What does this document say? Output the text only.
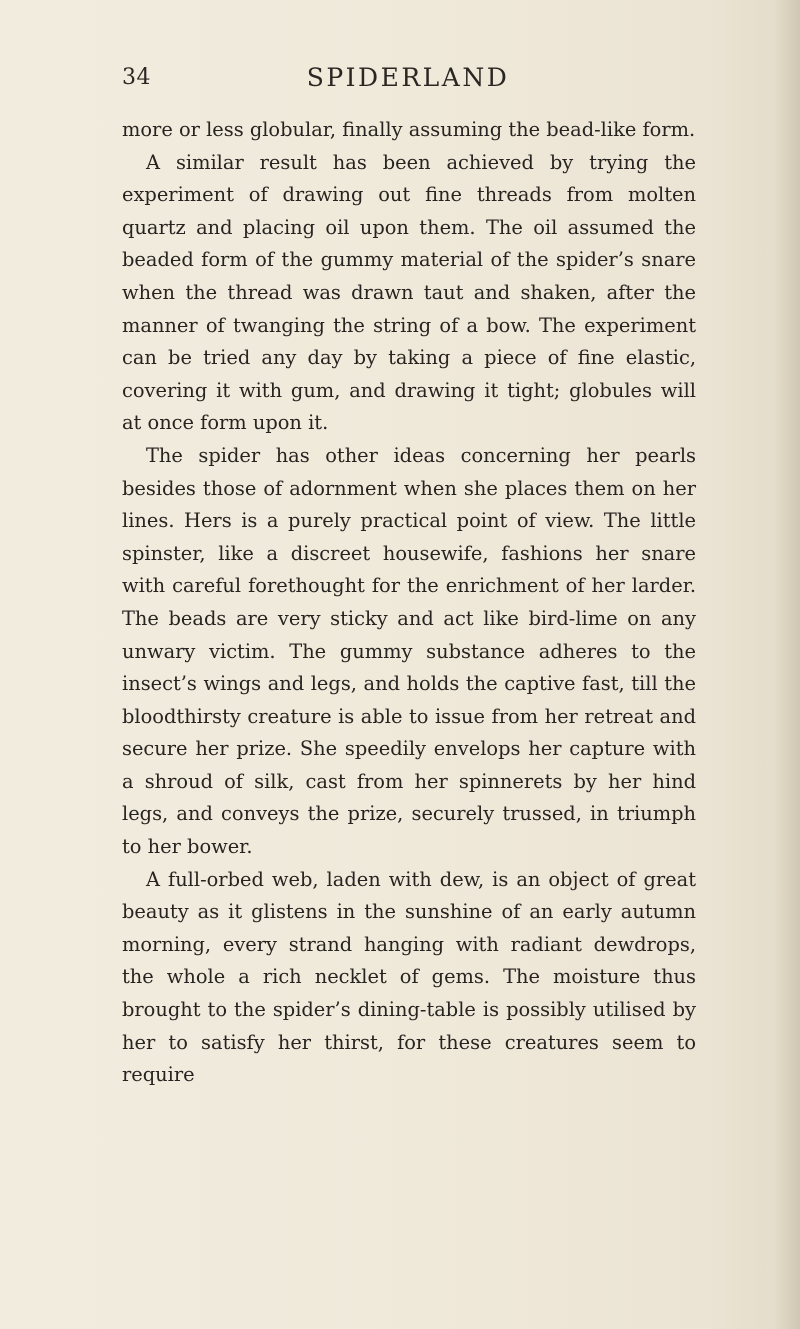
34	SPIDERLAND

more or less globular, finally assuming the bead-like form.

A similar result has been achieved by trying the experiment of drawing out fine threads from molten quartz and placing oil upon them. The oil assumed the beaded form of the gummy material of the spider’s snare when the thread was drawn taut and shaken, after the manner of twanging the string of a bow. The experiment can be tried any day by taking a piece of fine elastic, covering it with gum, and drawing it tight; globules will at once form upon it.

The spider has other ideas concerning her pearls besides those of adornment when she places them on her lines. Hers is a purely practical point of view. The little spinster, like a discreet housewife, fashions her snare with careful forethought for the enrichment of her larder. The beads are very sticky and act like bird-lime on any unwary victim. The gummy substance adheres to the insect’s wings and legs, and holds the captive fast, till the bloodthirsty creature is able to issue from her retreat and secure her prize. She speedily envelops her capture with a shroud of silk, cast from her spinnerets by her hind legs, and conveys the prize, securely trussed, in triumph to her bower.

A full-orbed web, laden with dew, is an object of great beauty as it glistens in the sunshine of an early autumn morning, every strand hanging with radiant dewdrops, the whole a rich necklet of gems. The moisture thus brought to the spider’s dining-table is possibly utilised by her to satisfy her thirst, for these creatures seem to require
